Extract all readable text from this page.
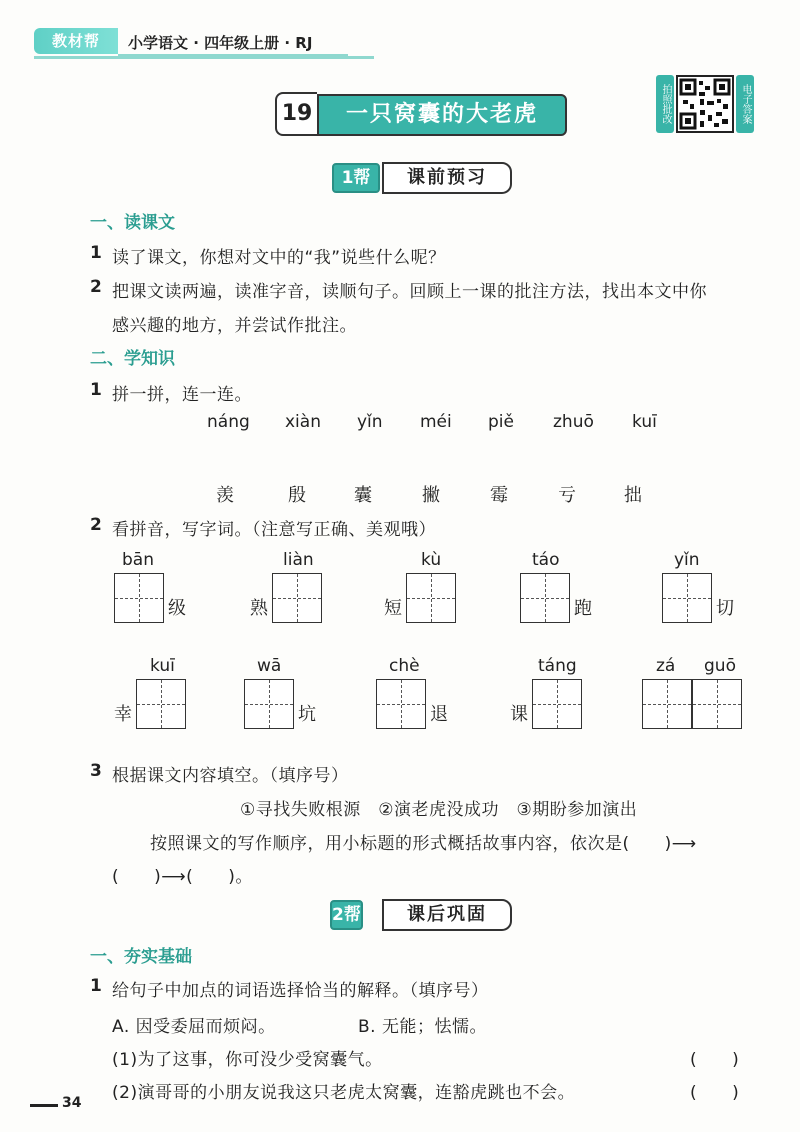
教材帮	小学语文 · 四年级上册 · RJ
19	一只窝囊的大老虎	拍照批改	电子答案
1帮	课前预习
一、读课文
1 读了课文，你想对文中的“我”说些什么呢？
2 把课文读两遍，读准字音，读顺句子。回顾上一课的批注方法，找出本文中你
感兴趣的地方，并尝试作批注。
二、学知识
1 拼一拼，连一连。
náng xiàn yǐn méi piě zhuō kuī
羡	殷	囊	撇	霉	亏	拙
2 看拼音，写字词。（注意写正确、美观哦）
bān
级
liàn
熟
kù
短
táo
跑
yǐn
切
kuī
幸
wā
坑
chè
退
táng
课
zá guō
3 根据课文内容填空。（填序号）
①寻找失败根源　②演老虎没成功　③期盼参加演出
按照课文的写作顺序，用小标题的形式概括故事内容，依次是(　　)⟶
(　　)⟶(　　)。
2帮	课后巩固
一、夯实基础
1 给句子中加点的词语选择恰当的解释。（填序号）
A. 因受委屈而烦闷。	B. 无能；怯懦。
(1)为了这事，你可没少受窝囊气。	(　　)
(2)演哥哥的小朋友说我这只老虎太窝囊，连豁虎跳也不会。	(　　)
34
